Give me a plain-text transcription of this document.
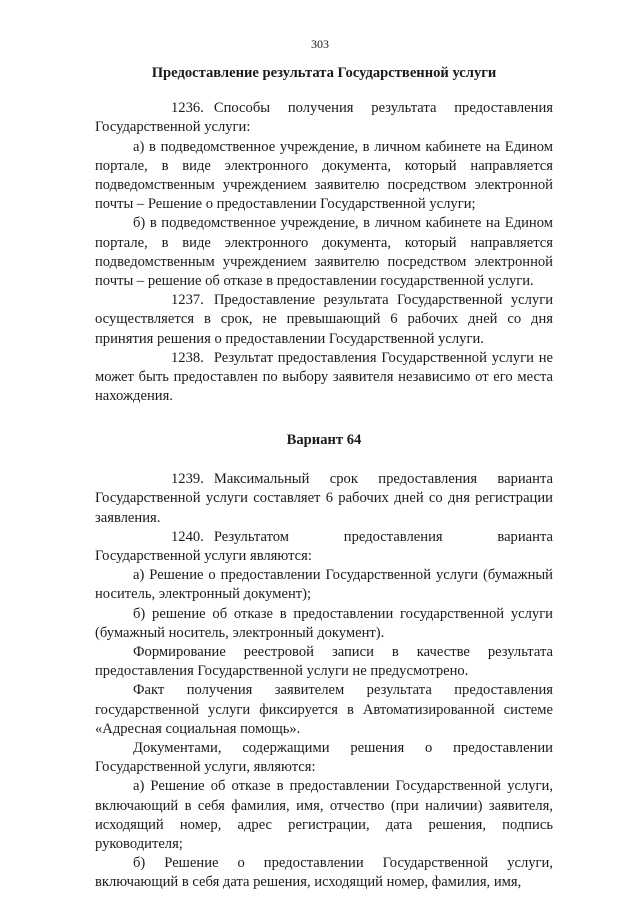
303

Предоставление результата Государственной услуги

1236. Способы получения результата предоставления Государственной услуги:

а) в подведомственное учреждение, в личном кабинете на Едином портале, в виде электронного документа, который направляется подведомственным учреждением заявителю посредством электронной почты – Решение о предоставлении Государственной услуги;

б) в подведомственное учреждение, в личном кабинете на Едином портале, в виде электронного документа, который направляется подведомственным учреждением заявителю посредством электронной почты – решение об отказе в предоставлении государственной услуги.

1237. Предоставление результата Государственной услуги осуществляется в срок, не превышающий 6 рабочих дней со дня принятия решения о предоставлении Государственной услуги.

1238. Результат предоставления Государственной услуги не может быть предоставлен по выбору заявителя независимо от его места нахождения.

Вариант 64

1239. Максимальный срок предоставления варианта Государственной услуги составляет 6 рабочих дней со дня регистрации заявления.

1240. Результатом предоставления варианта Государственной услуги являются:

а) Решение о предоставлении Государственной услуги (бумажный носитель, электронный документ);

б) решение об отказе в предоставлении государственной услуги (бумажный носитель, электронный документ).

Формирование реестровой записи в качестве результата предоставления Государственной услуги не предусмотрено.

Факт получения заявителем результата предоставления государственной услуги фиксируется в Автоматизированной системе «Адресная социальная помощь».

Документами, содержащими решения о предоставлении Государственной услуги, являются:

а) Решение об отказе в предоставлении Государственной услуги, включающий в себя фамилия, имя, отчество (при наличии) заявителя, исходящий номер, адрес регистрации, дата решения, подпись руководителя;

б) Решение о предоставлении Государственной услуги, включающий в себя дата решения, исходящий номер, фамилия, имя,
